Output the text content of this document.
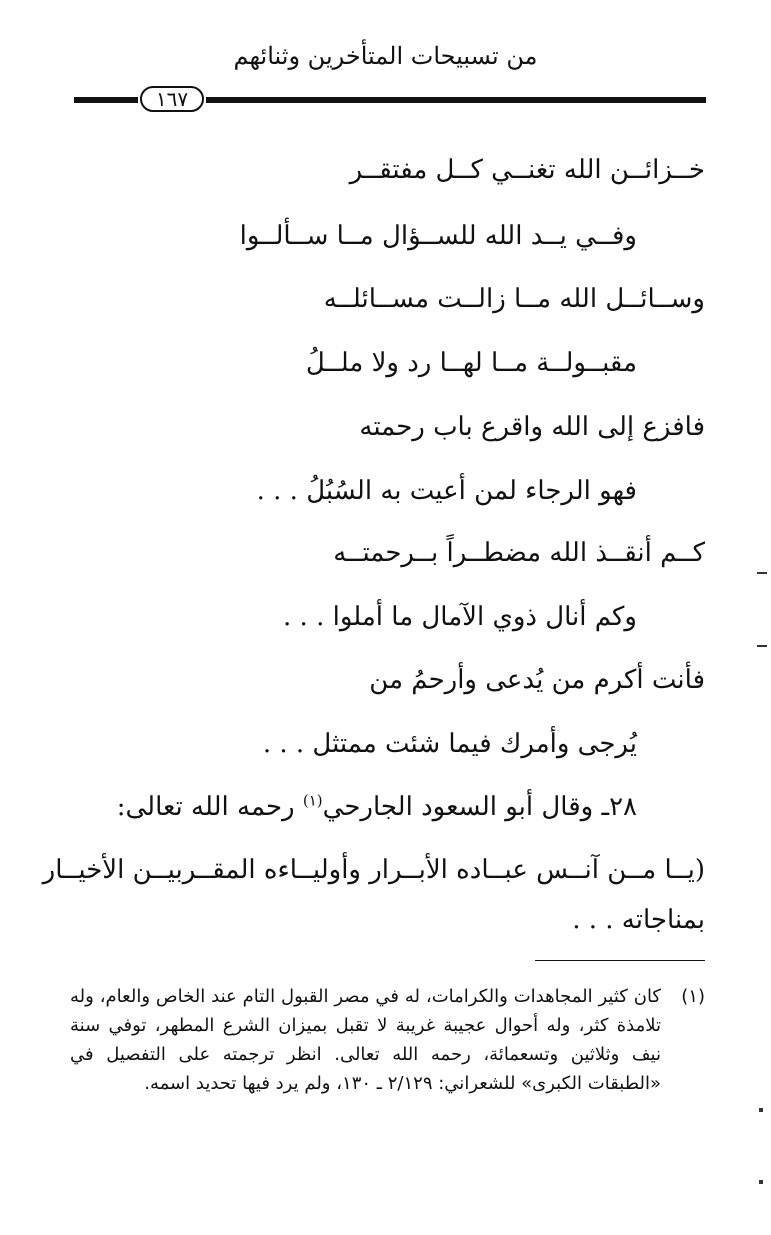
من تسبيحات المتأخرين وثنائهم
١٦٧
خــزائــن الله تغنــي كــل مفتقــر
وفــي يــد الله للســؤال مــا ســألــوا
وســائــل الله مــا زالــت مســائلــه
مقبــولــة مــا لهــا رد ولا ملــلُ
فافزع إلى الله واقرع باب رحمته
فهو الرجاء لمن أعيت به السُبُلُ . . .
كــم أنقــذ الله مضطــراً بــرحمتــه
وكم أنال ذوي الآمال ما أملوا . . .
فأنت أكرم من يُدعى وأرحمُ من
يُرجى وأمرك فيما شئت ممتثل . . .
٢٨ـ وقال أبو السعود الجارحي$^{(١)}$ رحمه الله تعالى:
(يــا مــن آنــس عبــاده الأبــرار وأوليــاءه المقــربيــن الأخيــار
بمناجاته . . .
(١)
كان كثير المجاهدات والكرامات، له في مصر القبول التام عند الخاص والعام، وله تلامذة كثر، وله أحوال عجيبة غريبة لا تقبل بميزان الشرع المطهر، توفي سنة نيف وثلاثين وتسعمائة، رحمه الله تعالى. انظر ترجمته على التفصيل في «الطبقات الكبرى» للشعراني: ٢/١٢٩ ـ ١٣٠، ولم يرد فيها تحديد اسمه.
